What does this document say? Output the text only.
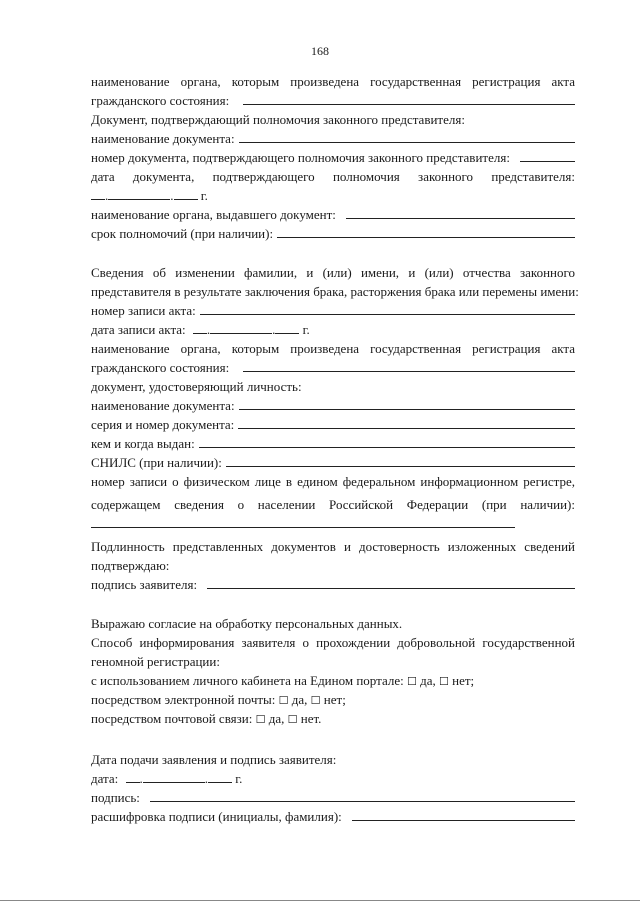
168
наименование органа, которым произведена государственная регистрация акта
гражданского состояния:
Документ, подтверждающий полномочия законного представителя:
наименование документа:
номер документа, подтверждающего полномочия законного представителя:
дата документа, подтверждающего полномочия законного представителя:
.	. г.
наименование органа, выдавшего документ:
срок полномочий (при наличии):
Сведения об изменении фамилии, и (или) имени, и (или) отчества законного
представителя в результате заключения брака, расторжения брака или перемены имени:
номер записи акта:
дата записи акта: .	. г.
наименование органа, которым произведена государственная регистрация акта
гражданского состояния:
документ, удостоверяющий личность:
наименование документа:
серия и номер документа:
кем и когда выдан:
СНИЛС (при наличии):
номер записи о физическом лице в едином федеральном информационном регистре,
содержащем сведения о населении Российской Федерации (при наличии):
Подлинность представленных документов и достоверность изложенных сведений
подтверждаю:
подпись заявителя:
Выражаю согласие на обработку персональных данных.
Способ информирования заявителя о прохождении добровольной государственной
геномной регистрации:
с использованием личного кабинета на Едином портале: ☐ да, ☐ нет;
посредством электронной почты: ☐ да, ☐ нет;
посредством почтовой связи: ☐ да, ☐ нет.
Дата подачи заявления и подпись заявителя:
дата: .	. г.
подпись:
расшифровка подписи (инициалы, фамилия):
